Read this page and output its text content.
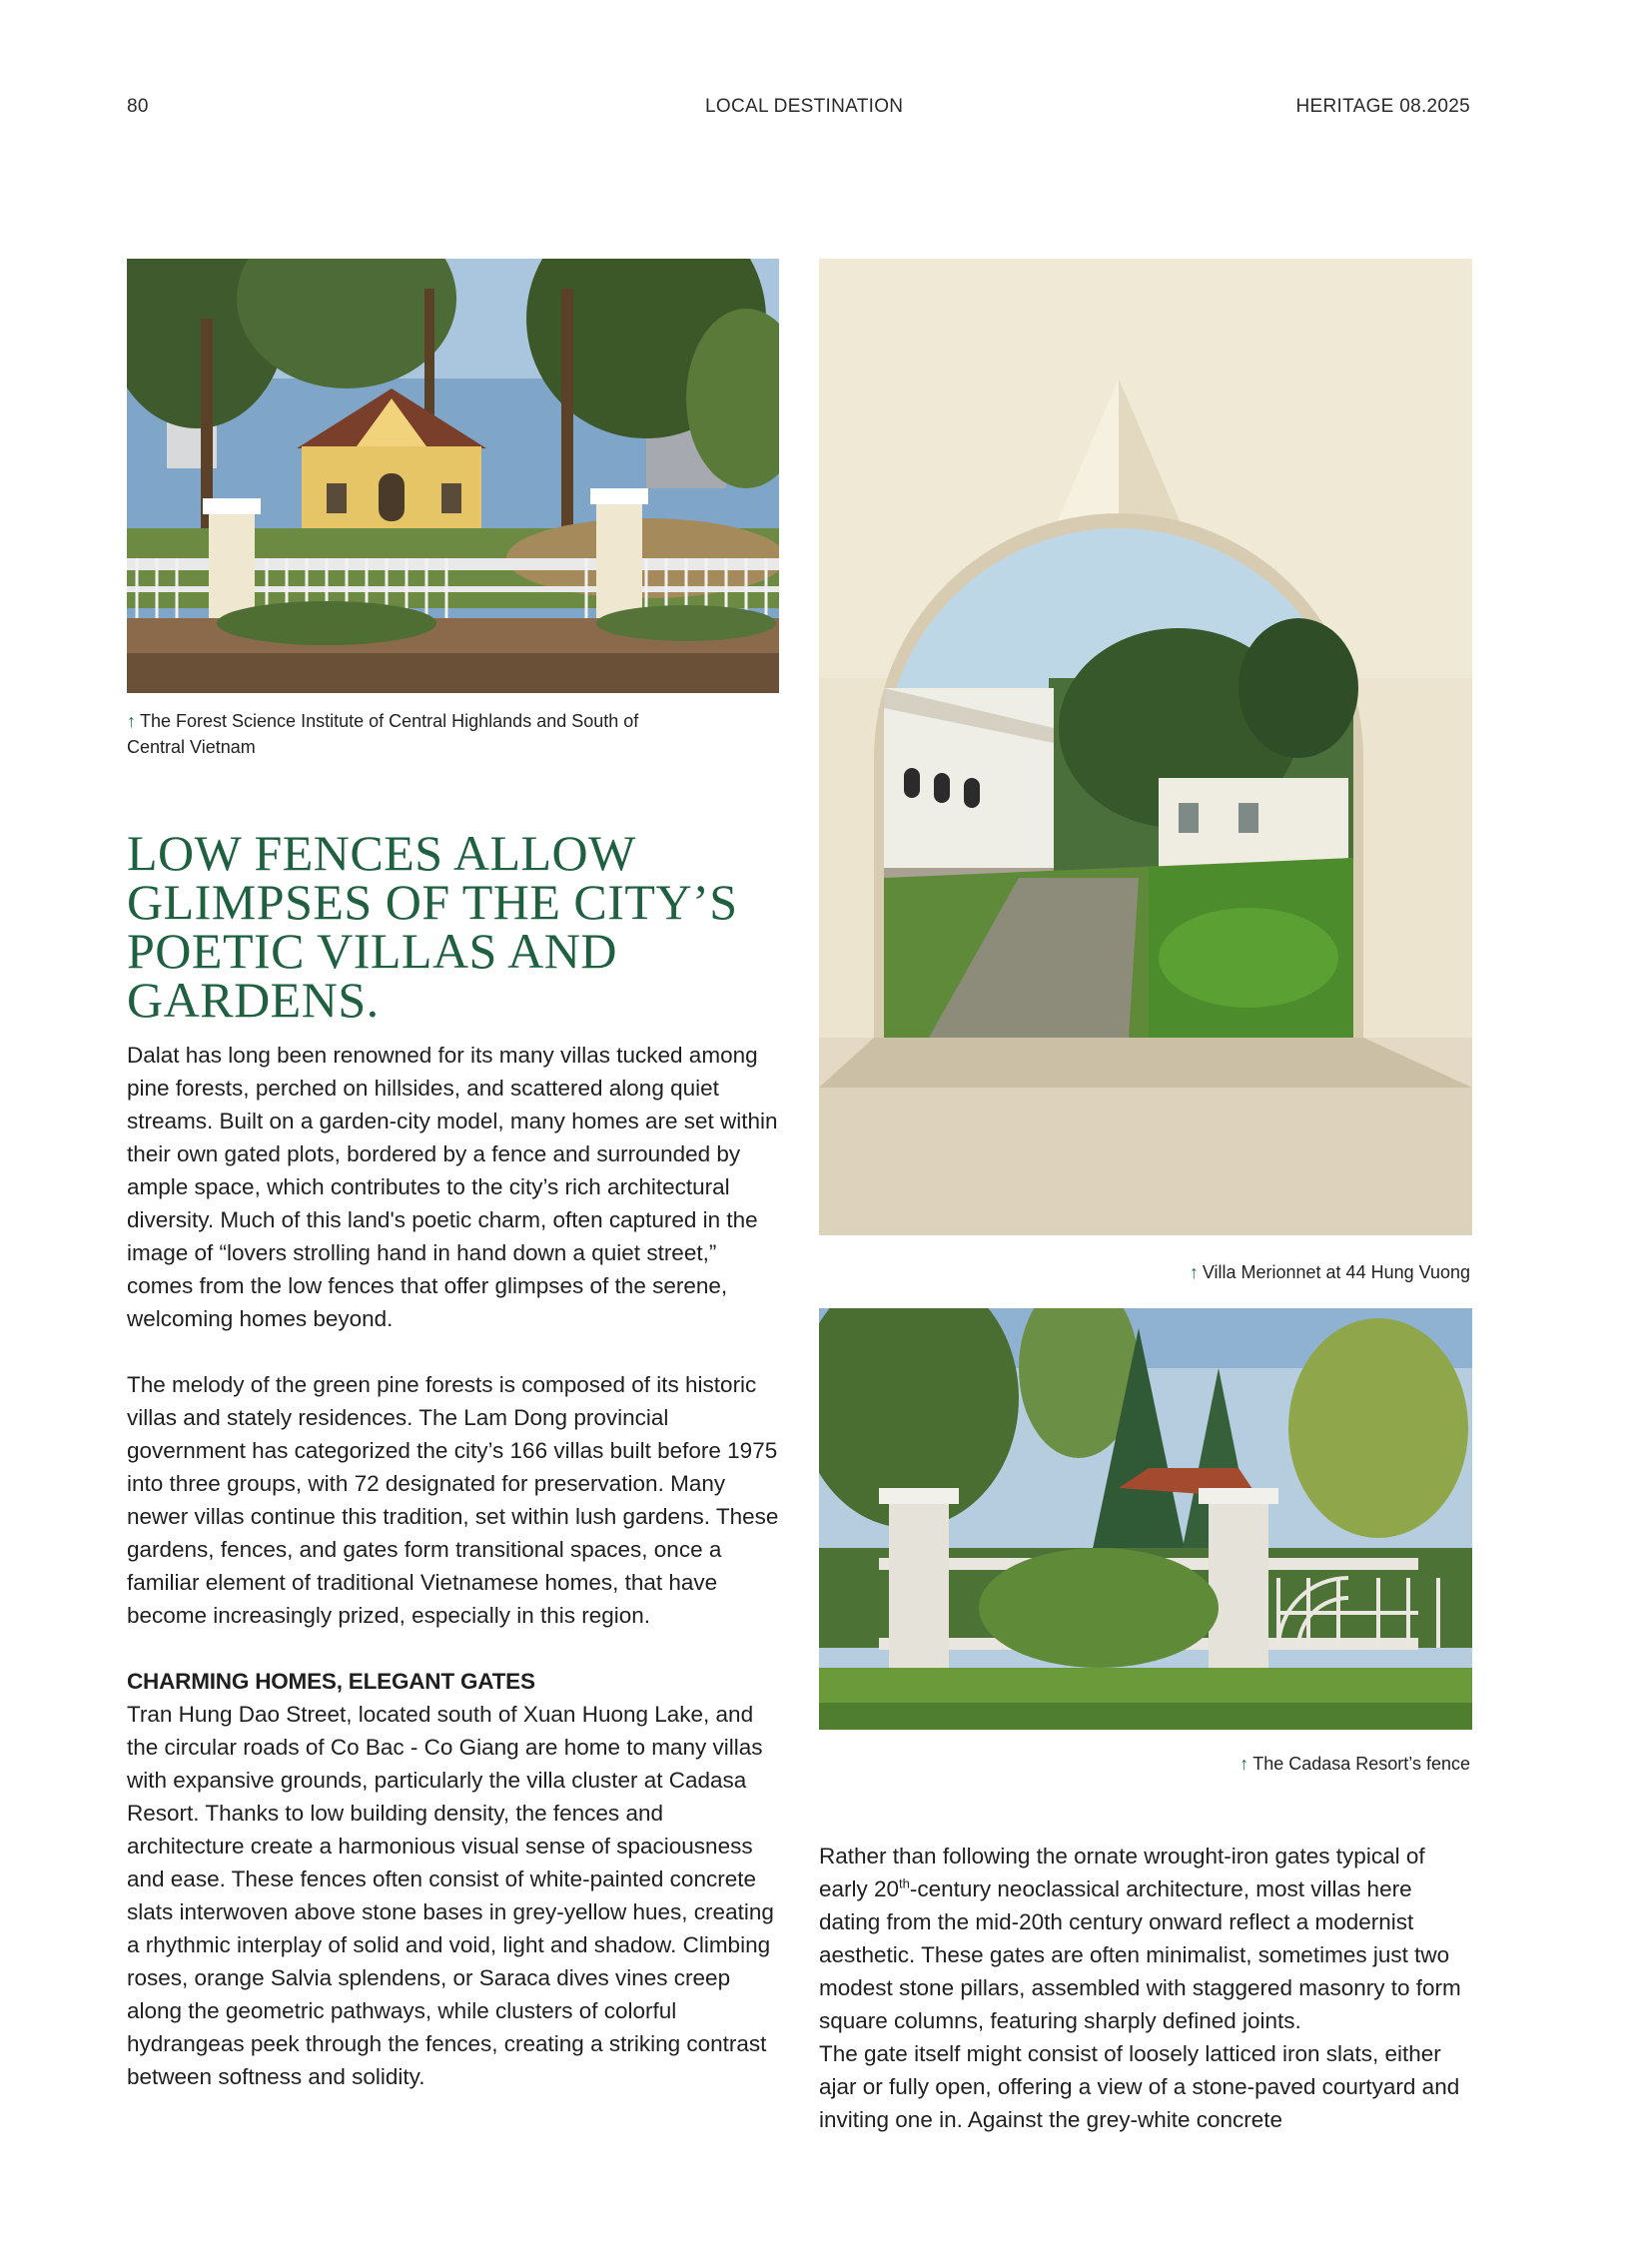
80	LOCAL DESTINATION	HERITAGE 08.2025
↑ The Forest Science Institute of Central Highlands and South of Central Vietnam
LOW FENCES ALLOW
GLIMPSES OF THE CITY’S
POETIC VILLAS AND GARDENS.

Dalat has long been renowned for its many villas tucked among pine forests, perched on hillsides, and scattered along quiet streams. Built on a garden-city model, many homes are set within their own gated plots, bordered by a fence and surrounded by ample space, which contributes to the city’s rich architectural diversity. Much of this land's poetic charm, often captured in the image of “lovers strolling hand in hand down a quiet street,” comes from the low fences that offer glimpses of the serene, welcoming homes beyond.

The melody of the green pine forests is composed of its historic villas and stately residences. The Lam Dong provincial government has categorized the city’s 166 villas built before 1975 into three groups, with 72 designated for preservation. Many newer villas continue this tradition, set within lush gardens. These gardens, fences, and gates form transitional spaces, once a familiar element of traditional Vietnamese homes, that have become increasingly prized, especially in this region.

CHARMING HOMES, ELEGANT GATES

Tran Hung Dao Street, located south of Xuan Huong Lake, and the circular roads of Co Bac - Co Giang are home to many villas with expansive grounds, particularly the villa cluster at Cadasa Resort. Thanks to low building density, the fences and architecture create a harmonious visual sense of spaciousness and ease. These fences often consist of white-painted concrete slats interwoven above stone bases in grey-yellow hues, creating a rhythmic interplay of solid and void, light and shadow. Climbing roses, orange Salvia splendens, or Saraca dives vines creep along the geometric pathways, while clusters of colorful hydrangeas peek through the fences, creating a striking contrast between softness and solidity.

↑ Villa Merionnet at 44 Hung Vuong
↑ The Cadasa Resort’s fence

Rather than following the ornate wrought-iron gates typical of early 20th-century neoclassical architecture, most villas here dating from the mid-20th century onward reflect a modernist aesthetic. These gates are often minimalist, sometimes just two modest stone pillars, assembled with staggered masonry to form square columns, featuring sharply defined joints.

The gate itself might consist of loosely latticed iron slats, either ajar or fully open, offering a view of a stone-paved courtyard and inviting one in. Against the grey-white concrete
